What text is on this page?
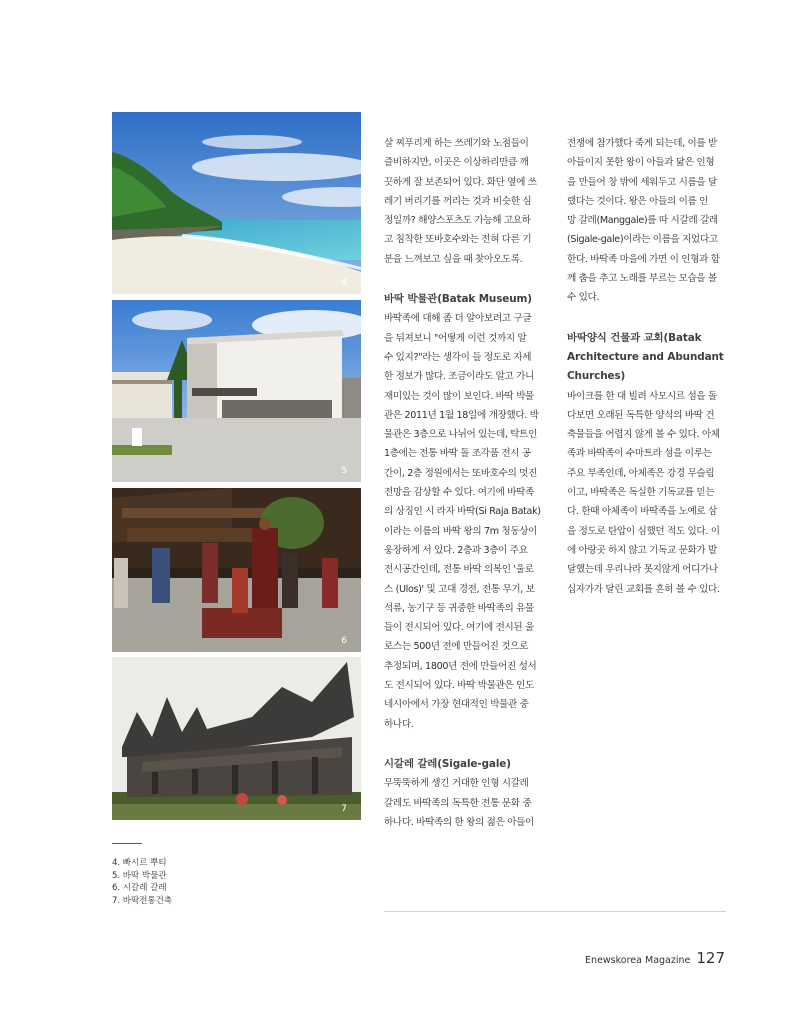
4
5
6
7
4. 빠시르 뿌티
5. 바딱 박물관
6. 시갈레 갈레
7. 바딱전통건축

살 찌푸리게 하는 쓰레기와 노점들이

즐비하지만, 이곳은 이상하리만큼 깨

끗하게 잘 보존되어 있다. 화단 옆에 쓰

레기 버리기를 꺼리는 것과 비슷한 심

정일까? 해양스포츠도 가능해 고요하

고 침착한 또바호수와는 전혀 다른 기

분을 느껴보고 싶을 때 찾아오도록.

바딱 박물관(Batak Museum)

바딱족에 대해 좀 더 알아보려고 구글

을 뒤져보니 "어떻게 이런 것까지 알

수 있지?"라는 생각이 들 정도로 자세

한 정보가 많다. 조금이라도 알고 가니

재미있는 것이 많이 보인다. 바딱 박물

관은 2011년 1월 18일에 개장했다. 박

물관은 3층으로 나뉘어 있는데, 탁트인

1층에는 전통 바딱 돌 조각품 전시 공

간이, 2층 정원에서는 또바호수의 멋진

전망을 감상할 수 있다. 여기에 바딱족

의 상징인 시 라자 바딱(Si Raja Batak)

이라는 이름의 바딱 왕의 7m 청동상이

웅장하게 서 있다. 2층과 3층이 주요

전시공간인데, 전통 바딱 의복인 '울로

스 (Ulos)' 및 고대 경전, 전통 무기, 보

석류, 농기구 등 귀중한 바딱족의 유물

들이 전시되어 있다. 여기에 전시된 울

로스는 500년 전에 만들어진 것으로

추정되며, 1800년 전에 만들어진 성서

도 전시되어 있다. 바딱 박물관은 인도

네시아에서 가장 현대적인 박물관 중

하나다.

시갈레 갈레(Sigale-gale)

무뚝뚝하게 생긴 거대한 인형 시갈레

갈레도 바딱족의 독특한 전통 문화 중

하나다. 바딱족의 한 왕의 젊은 아들이

전쟁에 참가했다 죽게 되는데, 이를 받

아들이지 못한 왕이 아들과 닮은 인형

을 만들어 창 밖에 세워두고 시름을 달

랬다는 것이다. 왕은 아들의 이름 인

망 갈레(Manggale)를 따 시갈레 갈레

(Sigale-gale)이라는 이름을 지었다고

한다. 바딱족 마을에 가면 이 인형과 함

께 춤을 추고 노래를 부르는 모습을 볼

수 있다.

바딱양식 건물과 교회(Batak
Architecture and Abundant
Churches)

바이크를 한 대 빌려 사모시르 섬을 돌

다보면 오래된 독특한 양식의 바딱 건

축물들을 어렵지 않게 볼 수 있다. 아체

족과 바딱족이 수마트라 섬을 이루는

주요 부족인데, 아체족은 강경 무슬림

이고, 바딱족은 독실한 기독교를 믿는

다. 한때 아체족이 바딱족을 노예로 삼

을 정도로 탄압이 심했던 적도 있다. 이

에 아랑곳 하지 않고 기독교 문화가 발

달했는데 우리나라 못지않게 어디가나

십자가가 달린 교회를 흔히 볼 수 있다.

Enewskorea Magazine 127
